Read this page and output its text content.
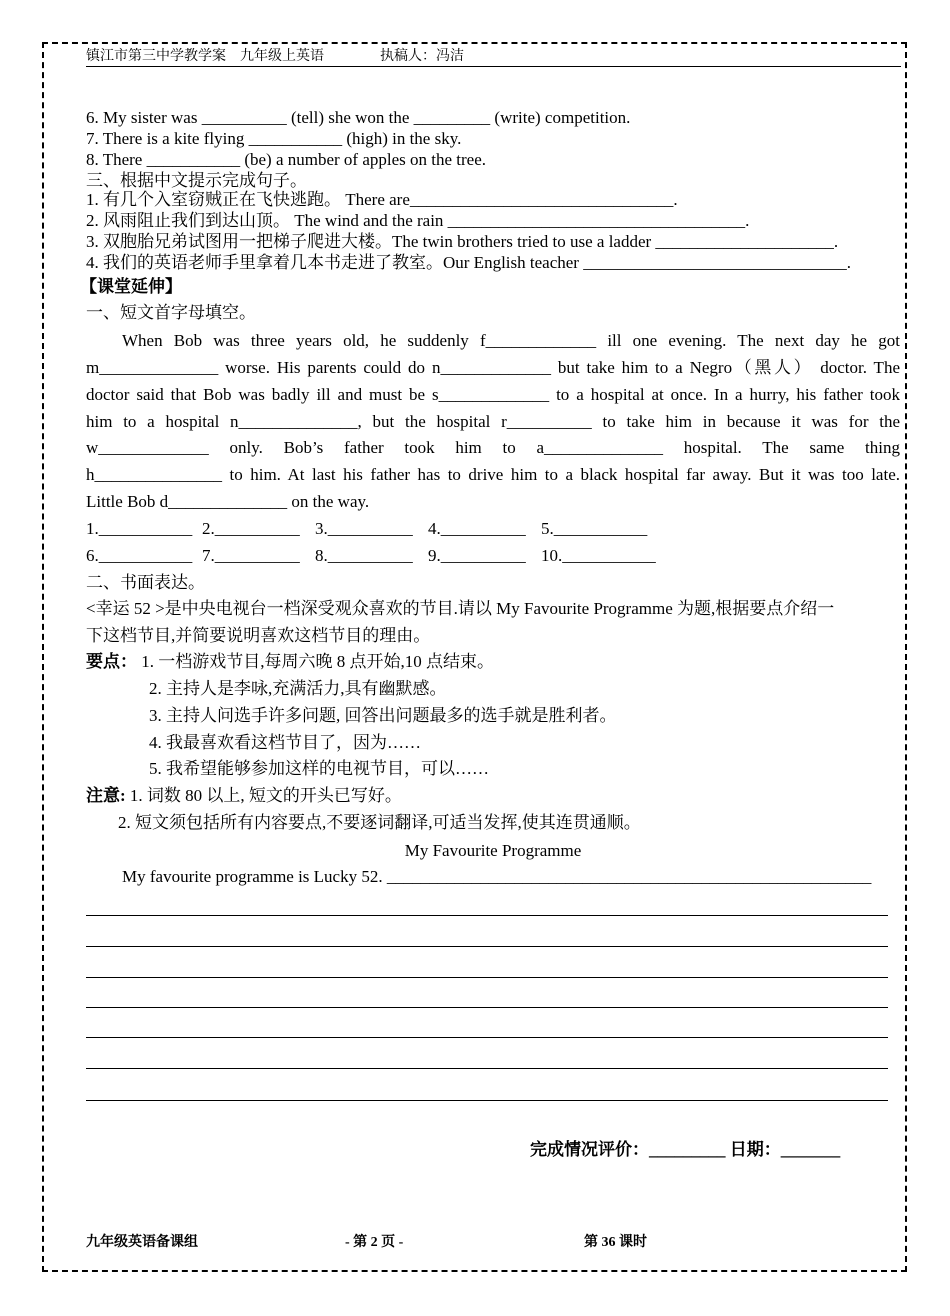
镇江市第三中学教学案 九年级上英语	执稿人：冯洁
6. My sister was __________ (tell) she won the _________ (write) competition.
7. There is a kite flying ___________ (high) in the sky.
8. There ___________ (be) a number of apples on the tree.
三、根据中文提示完成句子。
1. 有几个入室窃贼正在飞快逃跑。 There are_______________________________.
2. 风雨阻止我们到达山顶。 The wind and the rain ___________________________________.
3. 双胞胎兄弟试图用一把梯子爬进大楼。The twin brothers tried to use a ladder _____________________.
4. 我们的英语老师手里拿着几本书走进了教室。Our English teacher _______________________________.
【课堂延伸】
一、短文首字母填空。
When Bob was three years old, he suddenly f_____________ ill one evening. The next day he got
m______________ worse. His parents could do n_____________ but take him to a Negro（黑人） doctor. The
doctor said that Bob was badly ill and must be s_____________ to a hospital at once. In a hurry, his father took
him to a hospital n______________, but the hospital r__________ to take him in because it was for the
w_____________ only. Bob’s father took him to a______________ hospital. The same thing
h_______________ to him. At last his father has to drive him to a black hospital far away. But it was too late.
Little Bob d______________ on the way.
1.___________ 2.__________ 3.__________ 4.__________ 5.___________
6.___________ 7.__________ 8.__________ 9.__________ 10.___________
二、书面表达。
<幸运 52 >是中央电视台一档深受观众喜欢的节目.请以 My Favourite Programme 为题,根据要点介绍一
下这档节目,并简要说明喜欢这档节目的理由。
要点： 1. 一档游戏节目,每周六晚 8 点开始,10 点结束。
2. 主持人是李咏,充满活力,具有幽默感。
3. 主持人问选手许多问题, 回答出问题最多的选手就是胜利者。
4. 我最喜欢看这档节目了，因为……
5. 我希望能够参加这样的电视节目，可以……
注意: 1. 词数 80 以上, 短文的开头已写好。
2. 短文须包括所有内容要点,不要逐词翻译,可适当发挥,使其连贯通顺。
My Favourite Programme
My favourite programme is Lucky 52. _________________________________________________________
完成情况评价：_________ 日期：_______
九年级英语备课组	- 第 2 页 -	第 36 课时
